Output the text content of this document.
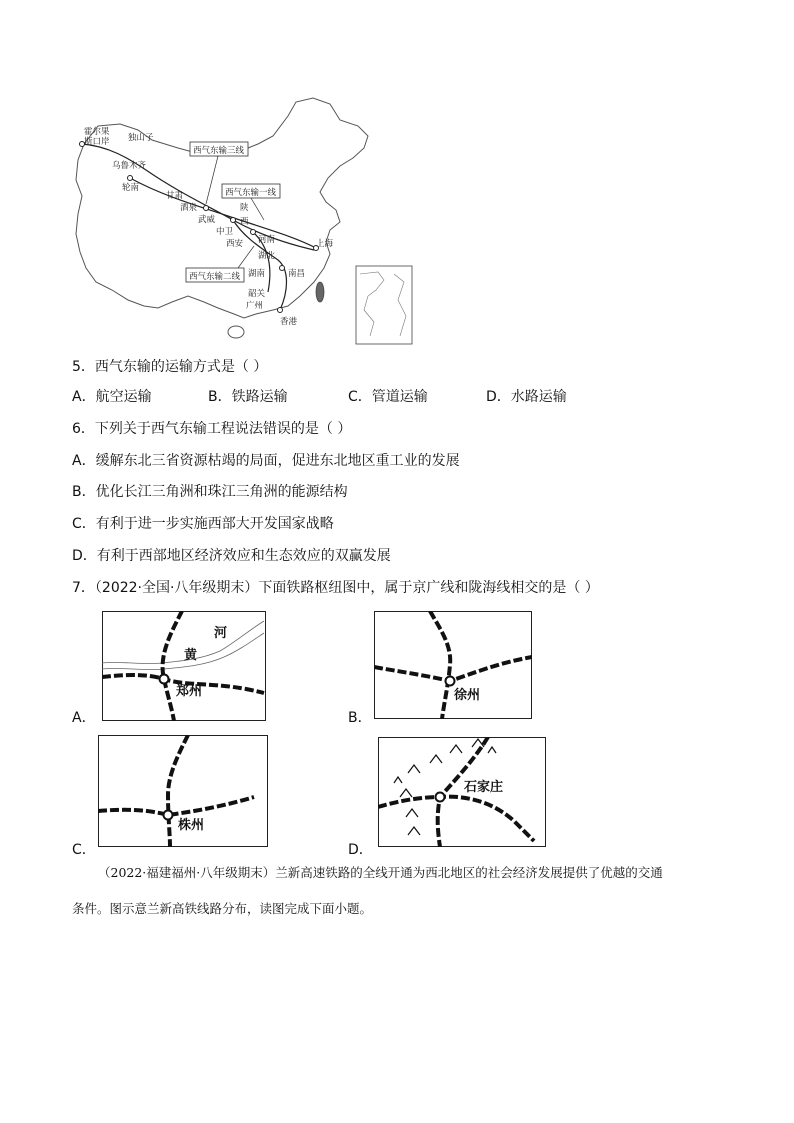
霍尔果
斯口岸 独山子
乌鲁木齐
轮南
甘肃
酒泉
武威
中卫
陕
西
西安 河南
湖北
湖南	南昌
韶关
广州
香港
上海
西气东输三线
西气东输一线
西气东输二线
5．西气东输的运输方式是（ ）
A．航空运输	B．铁路运输	C．管道运输	D．水路运输
6．下列关于西气东输工程说法错误的是（ ）
A．缓解东北三省资源枯竭的局面，促进东北地区重工业的发展
B．优化长江三角洲和珠江三角洲的能源结构
C．有利于进一步实施西部大开发国家战略
D．有利于西部地区经济效应和生态效应的双赢发展
7．（2022·全国·八年级期末）下面铁路枢纽图中，属于京广线和陇海线相交的是（ ）
A．
河
黄
郑州
B．
徐州
C．
株州
D．
石家庄
（2022·福建福州·八年级期末）兰新高速铁路的全线开通为西北地区的社会经济发展提供了优越的交通
条件。图示意兰新高铁线路分布，读图完成下面小题。
